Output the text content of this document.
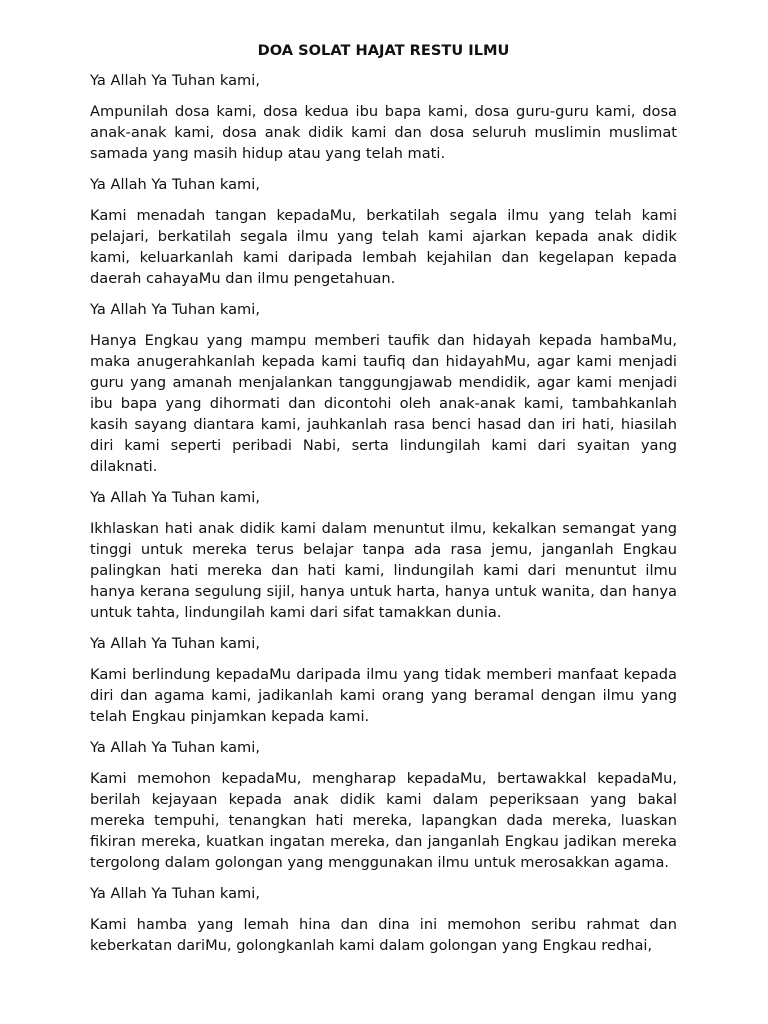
DOA SOLAT HAJAT RESTU ILMU
Ya Allah Ya Tuhan kami,
Ampunilah dosa kami, dosa kedua ibu bapa kami, dosa guru-guru kami, dosa anak-anak kami, dosa anak didik kami dan dosa seluruh muslimin muslimat samada yang masih hidup atau yang telah mati.
Ya Allah Ya Tuhan kami,
Kami menadah tangan kepadaMu, berkatilah segala ilmu yang telah kami pelajari, berkatilah segala ilmu yang telah kami ajarkan kepada anak didik kami, keluarkanlah kami daripada lembah kejahilan dan kegelapan kepada daerah cahayaMu dan ilmu pengetahuan.
Ya Allah Ya Tuhan kami,
Hanya Engkau yang mampu memberi taufik dan hidayah kepada hambaMu, maka anugerahkanlah kepada kami taufiq dan hidayahMu, agar kami menjadi guru yang amanah menjalankan tanggungjawab mendidik, agar kami menjadi ibu bapa yang dihormati dan dicontohi oleh anak-anak kami, tambahkanlah kasih sayang diantara kami, jauhkanlah rasa benci hasad dan iri hati, hiasilah diri kami seperti peribadi Nabi, serta lindungilah kami dari syaitan yang dilaknati.
Ya Allah Ya Tuhan kami,
Ikhlaskan hati anak didik kami dalam menuntut ilmu, kekalkan semangat yang tinggi untuk mereka terus belajar tanpa ada rasa jemu, janganlah Engkau palingkan hati mereka dan hati kami, lindungilah kami dari menuntut ilmu hanya kerana segulung sijil, hanya untuk harta, hanya untuk wanita, dan hanya untuk tahta, lindungilah kami dari sifat tamakkan dunia.
Ya Allah Ya Tuhan kami,
Kami berlindung kepadaMu daripada ilmu yang tidak memberi manfaat kepada diri dan agama kami, jadikanlah kami orang yang beramal dengan ilmu yang telah Engkau pinjamkan kepada kami.
Ya Allah Ya Tuhan kami,
Kami memohon kepadaMu, mengharap kepadaMu, bertawakkal kepadaMu, berilah kejayaan kepada anak didik kami dalam peperiksaan yang bakal mereka tempuhi, tenangkan hati mereka, lapangkan dada mereka, luaskan fikiran mereka, kuatkan ingatan mereka, dan janganlah Engkau jadikan mereka tergolong dalam golongan yang menggunakan ilmu untuk merosakkan agama.
Ya Allah Ya Tuhan kami,
Kami hamba yang lemah hina dan dina ini memohon seribu rahmat dan keberkatan dariMu, golongkanlah kami dalam golongan yang Engkau redhai,
